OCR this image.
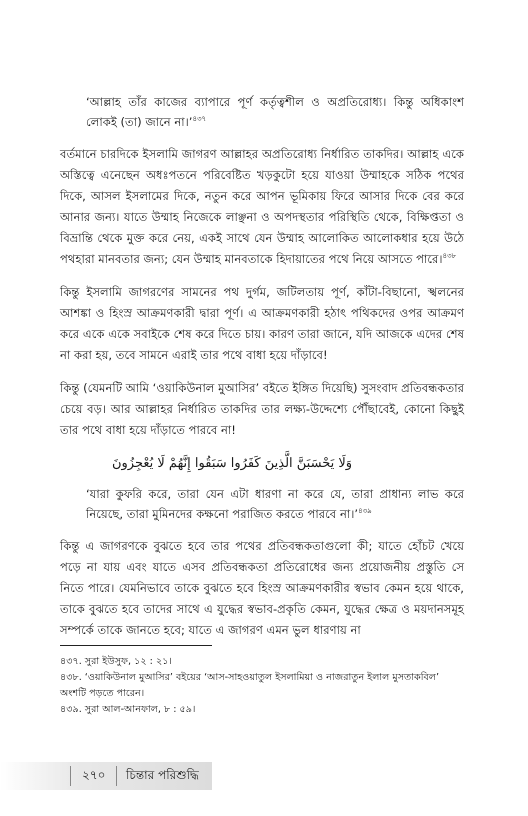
‘আল্লাহ তাঁর কাজের ব্যাপারে পূর্ণ কর্তৃত্বশীল ও অপ্রতিরোধ্য। কিন্তু অধিকাংশ লোকই (তা) জানে না।’$^{৪৩৭}$

বর্তমানে চারদিকে ইসলামি জাগরণ আল্লাহর অপ্রতিরোধ্য নির্ধারিত তাকদির। আল্লাহ একে অস্তিত্বে এনেছেন অধঃপতনে পরিবেষ্টিত খড়কুটো হয়ে যাওয়া উম্মাহকে সঠিক পথের দিকে, আসল ইসলামের দিকে, নতুন করে আপন ভূমিকায় ফিরে আসার দিকে বের করে আনার জন্য। যাতে উম্মাহ নিজেকে লাঞ্ছনা ও অপদস্থতার পরিস্থিতি থেকে, বিক্ষিপ্ততা ও বিভ্রান্তি থেকে মুক্ত করে নেয়, একই সাথে যেন উম্মাহ আলোকিত আলোকধার হয়ে উঠে পথহারা মানবতার জন্য; যেন উম্মাহ মানবতাকে হিদায়াতের পথে নিয়ে আসতে পারে।$^{৪৩৮}$

কিন্তু ইসলামি জাগরণের সামনের পথ দুর্গম, জটিলতায় পূর্ণ, কাঁটা-বিছানো, স্খলনের আশঙ্কা ও হিংস্র আক্রমণকারী দ্বারা পূর্ণ। এ আক্রমণকারী হঠাৎ পথিকদের ওপর আক্রমণ করে একে একে সবাইকে শেষ করে দিতে চায়। কারণ তারা জানে, যদি আজকে এদের শেষ না করা হয়, তবে সামনে এরাই তার পথে বাধা হয়ে দাঁড়াবে!

কিন্তু (যেমনটি আমি ‘ওয়াকিউনাল মুআসির’ বইতে ইঙ্গিত দিয়েছি) সুসংবাদ প্রতিবন্ধকতার চেয়ে বড়। আর আল্লাহর নির্ধারিত তাকদির তার লক্ষ্য-উদ্দেশ্যে পৌঁছাবেই, কোনো কিছুই তার পথে বাধা হয়ে দাঁড়াতে পারবে না!

وَلَا يَحْسَبَنَّ الَّذِينَ كَفَرُوا سَبَقُوا إِنَّهُمْ لَا يُعْجِزُونَ

‘যারা কুফরি করে, তারা যেন এটা ধারণা না করে যে, তারা প্রাধান্য লাভ করে নিয়েছে, তারা মুমিনদের কক্ষনো পরাজিত করতে পারবে না।’$^{৪৩৯}$

কিন্তু এ জাগরণকে বুঝতে হবে তার পথের প্রতিবন্ধকতাগুলো কী; যাতে হোঁচট খেয়ে পড়ে না যায় এবং যাতে এসব প্রতিবন্ধকতা প্রতিরোধের জন্য প্রয়োজনীয় প্রস্তুতি সে নিতে পারে। যেমনিভাবে তাকে বুঝতে হবে হিংস্র আক্রমণকারীর স্বভাব কেমন হয়ে থাকে, তাকে বুঝতে হবে তাদের সাথে এ যুদ্ধের স্বভাব-প্রকৃতি কেমন, যুদ্ধের ক্ষেত্র ও ময়দানসমূহ সম্পর্কে তাকে জানতে হবে; যাতে এ জাগরণ এমন ভুল ধারণায় না

৪৩৭. সুরা ইউসুফ, ১২ : ২১।
৪৩৮. ‘ওয়াকিউনাল মুআসির’ বইয়ের ‘আস-সাহওয়াতুল ইসলামিয়া ও নাজরাতুন ইলাল মুসতাকবিল’ অংশটি পড়তে পারেন।
৪৩৯. সুরা আল-আনফাল, ৮ : ৫৯।
২৭০ চিন্তার পরিশুদ্ধি
